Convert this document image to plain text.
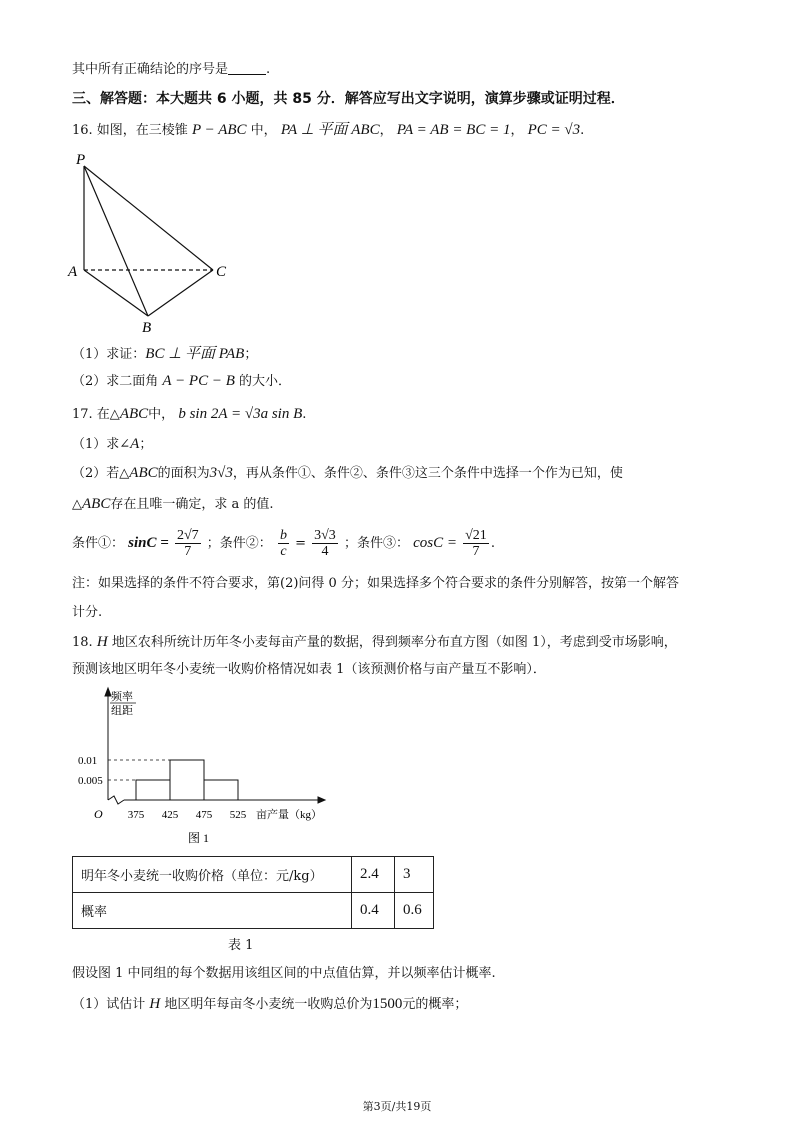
其中所有正确结论的序号是	.
三、解答题：本大题共 6 小题，共 85 分．解答应写出文字说明，演算步骤或证明过程．
16. 如图，在三棱锥 P − ABC 中， PA ⊥ 平面 ABC， PA = AB = BC = 1， PC = √3.
P
A
B
C
（1）求证：BC ⊥ 平面 PAB；
（2）求二面角 A − PC − B 的大小．
17. 在△ABC中， b sin 2A = √3a sin B.
（1）求∠A；
（2）若△ABC的面积为3√3，再从条件①、条件②、条件③这三个条件中选择一个作为已知，使
△ABC存在且唯一确定，求 a 的值.
条件①： $\sin C = \frac{2√7}{7}$ ；条件②： $\frac{b}{c} = \frac{3√3}{4}$ ；条件③： $\cos C = \frac{√21}{7}$ .
注：如果选择的条件不符合要求，第(2)问得 0 分；如果选择多个符合要求的条件分别解答，按第一个解答
计分.
18. H 地区农科所统计历年冬小麦每亩产量的数据，得到频率分布直方图（如图 1），考虑到受市场影响，
预测该地区明年冬小麦统一收购价格情况如表 1（该预测价格与亩产量互不影响）．
0.01
0.005
375 425 475 525
O
频率
组距
亩产量（kg）
图 1
明年冬小麦统一收购价格（单位：元/kg）	2.4	3
概率	0.4	0.6
表 1
假设图 1 中同组的每个数据用该组区间的中点值估算，并以频率估计概率.
（1）试估计 H 地区明年每亩冬小麦统一收购总价为1500元的概率；
第3页/共19页
